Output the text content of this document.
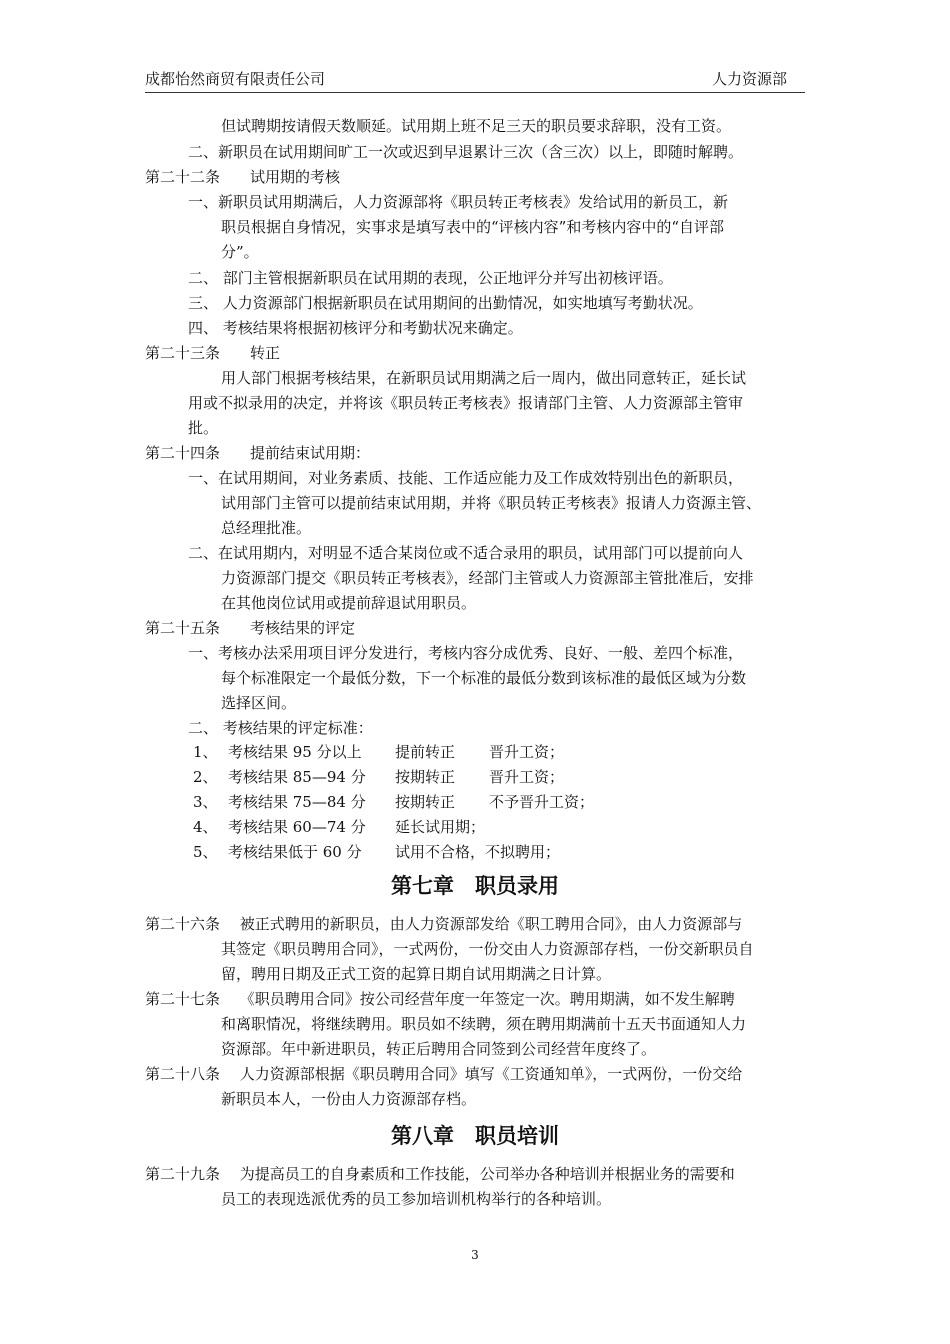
成都怡然商贸有限责任公司	人力资源部
但试聘期按请假天数顺延。试用期上班不足三天的职员要求辞职，没有工资。
二、新职员在试用期间旷工一次或迟到早退累计三次（含三次）以上，即随时解聘。
第二十二条　　试用期的考核
一、新职员试用期满后，人力资源部将《职员转正考核表》发给试用的新员工，新
职员根据自身情况，实事求是填写表中的“评核内容”和考核内容中的“自评部
分”。
二、 部门主管根据新职员在试用期的表现，公正地评分并写出初核评语。
三、 人力资源部门根据新职员在试用期间的出勤情况，如实地填写考勤状况。
四、 考核结果将根据初核评分和考勤状况来确定。
第二十三条　　转正
用人部门根据考核结果，在新职员试用期满之后一周内，做出同意转正，延长试
用或不拟录用的决定，并将该《职员转正考核表》报请部门主管、人力资源部主管审
批。
第二十四条　　提前结束试用期：
一、在试用期间，对业务素质、技能、工作适应能力及工作成效特别出色的新职员，
试用部门主管可以提前结束试用期，并将《职员转正考核表》报请人力资源主管、
总经理批准。
二、在试用期内，对明显不适合某岗位或不适合录用的职员，试用部门可以提前向人
力资源部门提交《职员转正考核表》，经部门主管或人力资源部主管批准后，安排
在其他岗位试用或提前辞退试用职员。
第二十五条　　考核结果的评定
一、考核办法采用项目评分发进行，考核内容分成优秀、良好、一般、差四个标准，
每个标准限定一个最低分数，下一个标准的最低分数到该标准的最低区域为分数
选择区间。
二、 考核结果的评定标准：
1、 考核结果 95 分以上 提前转正 晋升工资；
2、 考核结果 85—94 分 按期转正 晋升工资；
3、 考核结果 75—84 分 按期转正 不予晋升工资；
4、 考核结果 60—74 分 延长试用期；
5、 考核结果低于 60 分 试用不合格，不拟聘用；
第七章　职员录用
第二十六条　 被正式聘用的新职员，由人力资源部发给《职工聘用合同》，由人力资源部与
其签定《职员聘用合同》，一式两份，一份交由人力资源部存档，一份交新职员自
留，聘用日期及正式工资的起算日期自试用期满之日计算。
第二十七条　 《职员聘用合同》按公司经营年度一年签定一次。聘用期满，如不发生解聘
和离职情况，将继续聘用。职员如不续聘，须在聘用期满前十五天书面通知人力
资源部。年中新进职员，转正后聘用合同签到公司经营年度终了。
第二十八条　 人力资源部根据《职员聘用合同》填写《工资通知单》，一式两份，一份交给
新职员本人，一份由人力资源部存档。
第八章　职员培训
第二十九条　 为提高员工的自身素质和工作技能，公司举办各种培训并根据业务的需要和
员工的表现选派优秀的员工参加培训机构举行的各种培训。
3
